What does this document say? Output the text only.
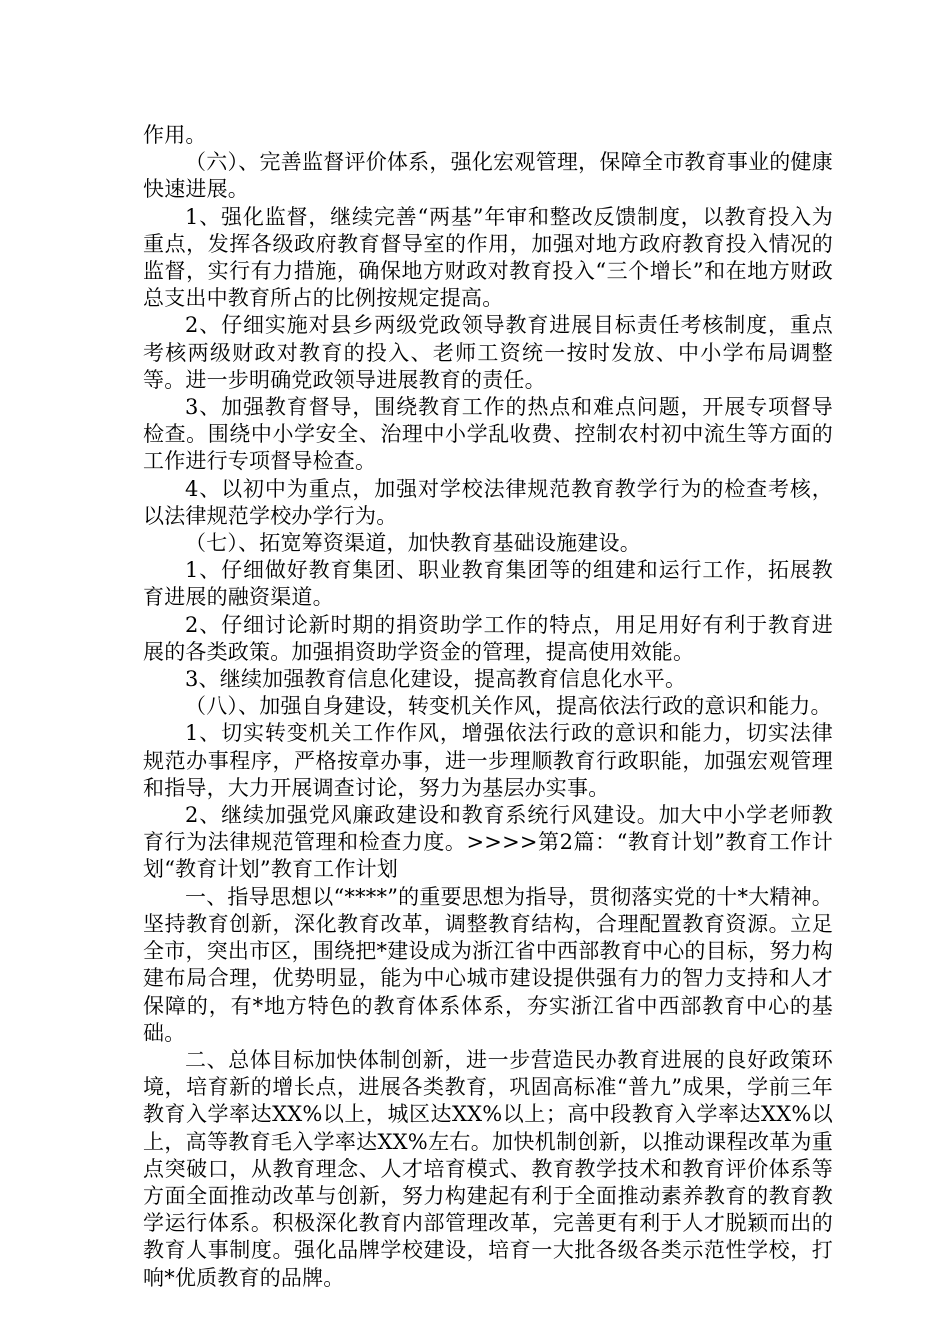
作用。

（六）、完善监督评价体系，强化宏观管理，保障全市教育事业的健康快速进展。

1、强化监督，继续完善“两基”年审和整改反馈制度，以教育投入为重点，发挥各级政府教育督导室的作用，加强对地方政府教育投入情况的监督，实行有力措施，确保地方财政对教育投入“三个增长”和在地方财政总支出中教育所占的比例按规定提高。

2、仔细实施对县乡两级党政领导教育进展目标责任考核制度，重点考核两级财政对教育的投入、老师工资统一按时发放、中小学布局调整等。进一步明确党政领导进展教育的责任。

3、加强教育督导，围绕教育工作的热点和难点问题，开展专项督导检查。围绕中小学安全、治理中小学乱收费、控制农村初中流生等方面的工作进行专项督导检查。

4、以初中为重点，加强对学校法律规范教育教学行为的检查考核，以法律规范学校办学行为。

（七）、拓宽筹资渠道，加快教育基础设施建设。

1、仔细做好教育集团、职业教育集团等的组建和运行工作，拓展教育进展的融资渠道。

2、仔细讨论新时期的捐资助学工作的特点，用足用好有利于教育进展的各类政策。加强捐资助学资金的管理，提高使用效能。

3、继续加强教育信息化建设，提高教育信息化水平。

（八）、加强自身建设，转变机关作风，提高依法行政的意识和能力。

1、切实转变机关工作作风，增强依法行政的意识和能力，切实法律规范办事程序，严格按章办事，进一步理顺教育行政职能，加强宏观管理和指导，大力开展调查讨论，努力为基层办实事。

2、继续加强党风廉政建设和教育系统行风建设。加大中小学老师教育行为法律规范管理和检查力度。>>>>第2篇：“教育计划”教育工作计划“教育计划”教育工作计划

一、指导思想以“****”的重要思想为指导，贯彻落实党的十*大精神。坚持教育创新，深化教育改革，调整教育结构，合理配置教育资源。立足全市，突出市区，围绕把*建设成为浙江省中西部教育中心的目标，努力构建布局合理，优势明显，能为中心城市建设提供强有力的智力支持和人才保障的，有*地方特色的教育体系体系，夯实浙江省中西部教育中心的基础。

二、总体目标加快体制创新，进一步营造民办教育进展的良好政策环境，培育新的增长点，进展各类教育，巩固高标准“普九”成果，学前三年教育入学率达XX%以上，城区达XX%以上；高中段教育入学率达XX%以上，高等教育毛入学率达XX%左右。加快机制创新，以推动课程改革为重点突破口，从教育理念、人才培育模式、教育教学技术和教育评价体系等方面全面推动改革与创新，努力构建起有利于全面推动素养教育的教育教学运行体系。积极深化教育内部管理改革，完善更有利于人才脱颖而出的教育人事制度。强化品牌学校建设，培育一大批各级各类示范性学校，打响*优质教育的品牌。
